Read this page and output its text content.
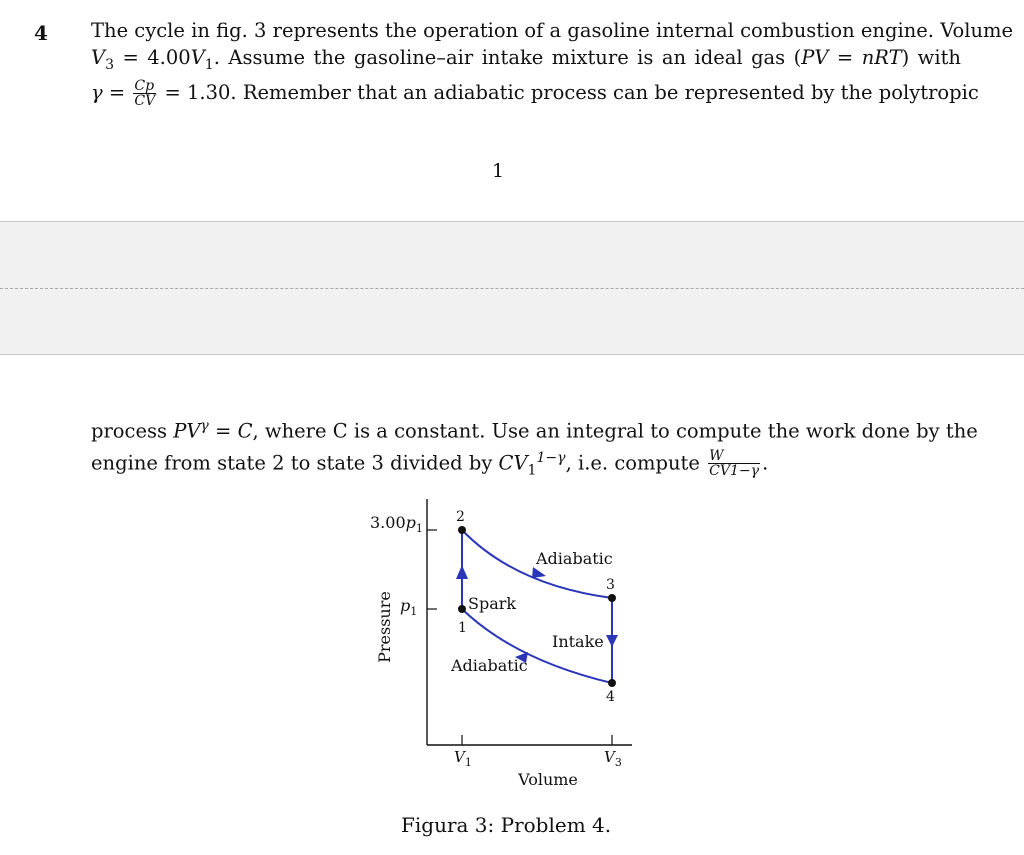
4 The cycle in fig. 3 represents the operation of a gasoline internal combustion engine. Volume
$V_3 = 4.00V_1$. Assume the gasoline–air intake mixture is an ideal gas (PV = nRT) with
$\gamma = \frac{Cp}{CV} = 1.30$. Remember that an adiabatic process can be represented by the polytropic
1
process $PV^\gamma = C$, where C is a constant. Use an integral to compute the work done by the
engine from state 2 to state 3 divided by $CV_1^{1-\gamma}$, i.e. compute $\frac{W}{CV1-\gamma}$ .
$3.00p_1$
$p_1$
Pressure
2
3
1
4
Adiabatic
Spark
Intake
Adiabatic
$V_1$	$V_3$
Volume
Figura 3: Problem 4.
